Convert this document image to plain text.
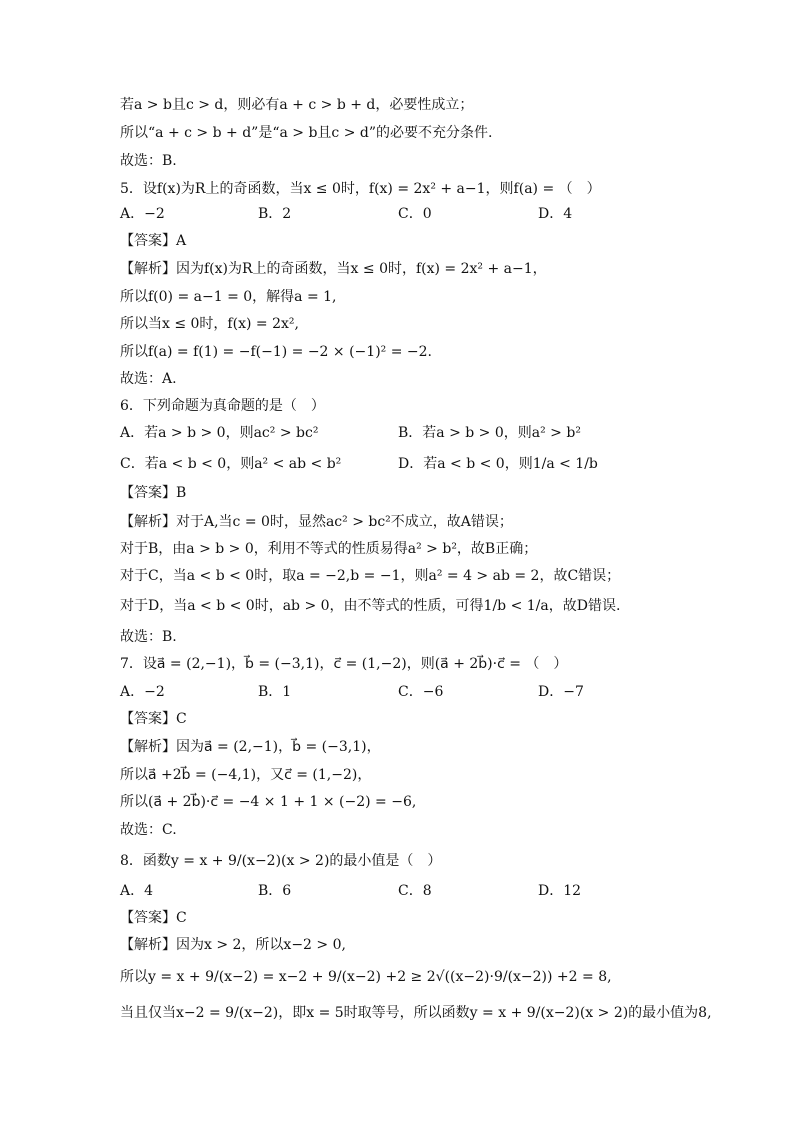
若a > b且c > d，则必有a + c > b + d，必要性成立；
所以“a + c > b + d”是“a > b且c > d”的必要不充分条件.
故选：B.
5．设f(x)为R上的奇函数，当x ≤ 0时，f(x) = 2x² + a−1，则f(a) = （　）
A．−2	B．2	C．0	D．4
【答案】A
【解析】因为f(x)为R上的奇函数，当x ≤ 0时，f(x) = 2x² + a−1，
所以f(0) = a−1 = 0，解得a = 1,
所以当x ≤ 0时，f(x) = 2x²,
所以f(a) = f(1) = −f(−1) = −2 × (−1)² = −2.
故选：A.
6．下列命题为真命题的是（　）
A．若a > b > 0，则ac² > bc²	B．若a > b > 0，则a² > b²
C．若a < b < 0，则a² < ab < b²	D．若a < b < 0，则1/a < 1/b
【答案】B
【解析】对于A,当c = 0时，显然ac² > bc²不成立，故A错误；
对于B，由a > b > 0，利用不等式的性质易得a² > b²，故B正确；
对于C，当a < b < 0时，取a = −2,b = −1，则a² = 4 > ab = 2，故C错误；
对于D，当a < b < 0时，ab > 0，由不等式的性质，可得1/b < 1/a，故D错误.
故选：B.
7．设a⃗ = (2,−1)，b⃗ = (−3,1)，c⃗ = (1,−2)，则(a⃗ + 2b⃗)·c⃗ = （　）
A．−2	B．1	C．−6	D．−7
【答案】C
【解析】因为a⃗ = (2,−1)，b⃗ = (−3,1)，
所以a⃗ +2b⃗ = (−4,1)，又c⃗ = (1,−2)，
所以(a⃗ + 2b⃗)·c⃗ = −4 × 1 + 1 × (−2) = −6,
故选：C.
8．函数y = x + 9/(x−2)(x > 2)的最小值是（　）
A．4	B．6	C．8	D．12
【答案】C
【解析】因为x > 2，所以x−2 > 0,
所以y = x + 9/(x−2) = x−2 + 9/(x−2) +2 ≥ 2√((x−2)·9/(x−2)) +2 = 8,
当且仅当x−2 = 9/(x−2)，即x = 5时取等号，所以函数y = x + 9/(x−2)(x > 2)的最小值为8,
